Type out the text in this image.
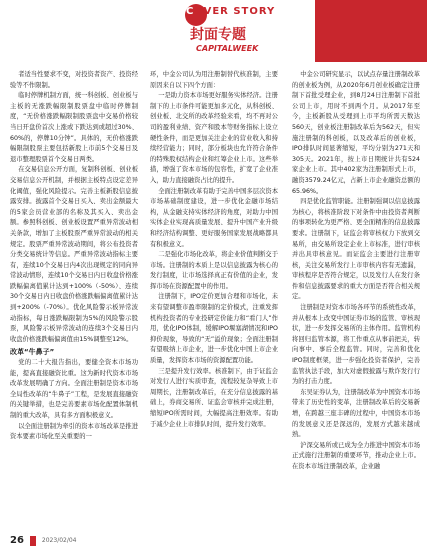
COVER STORY
封面专题
CAPITALWEEK

者适当性要求不变，对投资者资产、投资经验等不作限制。

临时停牌机制方面，统一科创板、创业板与主板的无涨跌幅限制股票盘中临时停牌制度，“无价格涨跌幅限制股票盘中交易价格较当日开盘价首次上涨或下跌达到或超过30%、60%的，停牌10分钟”。具体的，无价格涨跌幅限制股票主要包括新股上市前5个交易日及退市整理股票首个交易日两类。

在交易信息公开方面，复制科创板、创业板交易信息公开机制，并根据主板特点设定差异化阈值，强化风险提示。完善主板新股信息披露安排。披露首个交易日买入、卖出金额最大的5家会员营业部的名称及其买入、卖出金额。参照科创板、创业板设置严重异常波动相关条款，增加了主板股票严重异常波动的相关规定。股票严重异常波动期间，将公布投资者分类交易统计等信息。严重异常波动指标主要有，连续10个交易日内4次出现规定的同向异常波动情形，连续10个交易日内日收盘价格涨跌幅偏离值累计达到+100%（-50%）、连续30个交易日内日收盘价格涨跌幅偏离值累计达到+200%（-70%）。优化风险警示板异常波动指标，每日涨跌幅限制为5%的风险警示股票，风险警示板异常波动的连续3个交易日内收盘价格涨跌幅偏离值由15%调整至12%。

改革“牛鼻子”

党的二十大报告指出，要健全资本市场功能，提高直接融资比重。这为新时代资本市场改革发展明确了方向。全面注册制是资本市场全局性改革的“牛鼻子”工程，是发展直接融资的关键举措，也是完善要素市场化配置体制机制的重大改革，具有多方面积极意义。

以全面注册制为牵引的资本市场改革是推进资本要素市场化至关重要的一

环，中金公司认为用注册制替代核准制，主要原因来自以下四个方面：

一是助力资本市场更好服务实体经济。注册制下的上市条件可能更加多元化，从科创板、创业板、北交所的改革经验来看，均不再对公司的盈利业绩、资产和股本等财务指标上设立硬性条件，而是更加关注企业的营业收入和持续经营能力；同时，部分板块也允许符合条件的特殊股权结构企业和红筹企业上市。这些举措，增强了资本市场的包容性，扩宽了企业准入，助力直接融资占比的提升。

全面注册制改革有助于完善中国多层次资本市场基础制度建设，进一步优化金融市场结构，从金融支持实体经济的角度，对助力中国实体企业实现高质量发展、提升中国产业升级和经济结构调整、更好服务国家发展战略都具有积极意义。

二是强化市场化改革，将企业价值判断交于市场。注册制的本质上是以信息披露为核心的发行制度，让市场选择真正有价值的企业，发挥市场在资源配置中的作用。

注册制下，IPO定价更加合理和市场化，未来有望调整市盈率限制的定价模式，注重发挥机构投资者的专业投研定价能力和“看门人”作用，优化IPO体制，缓解IPO堰塞湖情况和IPO抑价现象，导致的“无”溢价现象；全面注册制有望吸纳上市企业，进一步优化中国上市企业质量，发挥资本市场的资源配置功能。

三是提升发行效率。核准制下，由于证监会对发行人进行实质审查，流程较复杂导致上市周期长，注册制改革后，在充分信息披露的基础上，券商交易所、证监会审核并完成注册，缩短IPO所需时间，大幅提高注册效率。有助于减少企业上市排队时间，提升发行效率。

中金公司研究显示，以试点存量注册制改革的创业板为例，从2020年6月创业板确定注册制下首批受理企业，到8月24日注册制下首批公司上市，用时不到两个月。从2017年至今，主板新股从受理到上市平均所需天数达560天，创业板注册制改革后为562天，但实施注册制的科创板，以及改革后的创业板，IPO排队时间显著缩短，平均分别为271天和305天。2021年，按上市日期统计共有524家企业上市。其中402家为注册制形式上市，融资3579.24亿元，占新上市企业融资总额的65.96%。

四是优化监管职能。注册制强调以信息披露为核心，将核准阶段下对条件中由投资者判断的事项转化为更严格、更全面精准的信息披露要求。注册制下，证监会将审核权力下放到交易所，由交易所设定企业上市标准，进行审核并出具审核意见。而证监会主要进行注册审核，关注交易所发行上市审核内容有无遗漏，审核程序是否符合规定，以及发行人在发行条件和信息披露要求的重大方面是否符合相关规定。

注册制是对资本市场各环节的系统性改革，并从根本上改变中国证券市场的监管、审核现状，进一步发挥交易所的主体作用。监管机构将回归监管本源，将工作重点从事前把关，转向事中、事后全程监管。同时，完善和优化IPO制度框架，进一步强化投资者保护，完善监管执法手段，加大对虚假披露与欺诈发行行为的打击力度。

东吴证券认为，注册制改革为中国资本市场带来了历史性的变革，注册制改革后的交易新增，在跨越三座丰碑的过程中，中国资本市场的发展意义还是深远的，发展方式越来越成熟。

沪深交易所或已成为全力推进中国资本市场正式施行注册制的重要环节，推动企业上市。在资本市场注册制改革，企业融

26	2023/02/04
